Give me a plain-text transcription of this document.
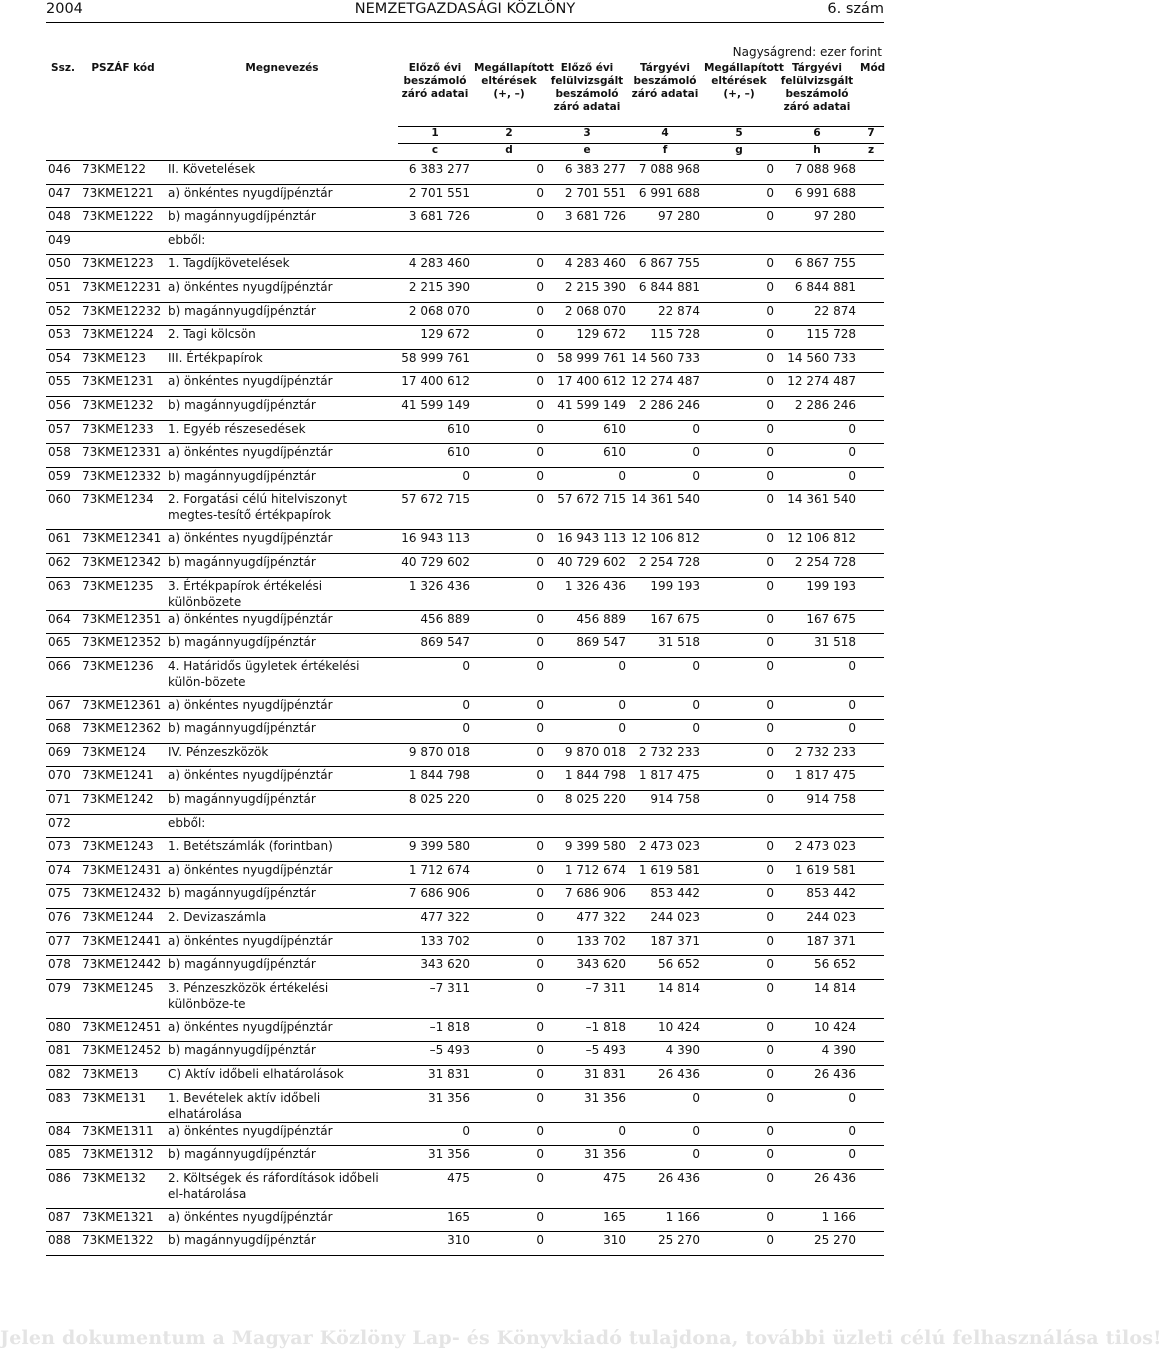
2004	NEMZETGAZDASÁGI KÖZLÖNY	6. szám
Nagyságrend: ezer forint
Ssz.	PSZÁF kód	Megnevezés	Előző évi
beszámoló
záró adatai	Megállapított
eltérések
(+, –)	Előző évi
felülvizsgált
beszámoló
záró adatai	Tárgyévi
beszámoló
záró adatai	Megállapított
eltérések
(+, –)	Tárgyévi
felülvizsgált
beszámoló
záró adatai	Mód
			1	2	3	4	5	6	7
			c	d	e	f	g	h	z
046	73KME122	II. Követelések	6 383 277	0	6 383 277	7 088 968	0	7 088 968	
047	73KME1221	a) önkéntes nyugdíjpénztár	2 701 551	0	2 701 551	6 991 688	0	6 991 688	
048	73KME1222	b) magánnyugdíjpénztár	3 681 726	0	3 681 726	97 280	0	97 280	
049		ebből:							
050	73KME1223	1. Tagdíjkövetelések	4 283 460	0	4 283 460	6 867 755	0	6 867 755	
051	73KME12231	a) önkéntes nyugdíjpénztár	2 215 390	0	2 215 390	6 844 881	0	6 844 881	
052	73KME12232	b) magánnyugdíjpénztár	2 068 070	0	2 068 070	22 874	0	22 874	
053	73KME1224	2. Tagi kölcsön	129 672	0	129 672	115 728	0	115 728	
054	73KME123	III. Értékpapírok	58 999 761	0	58 999 761	14 560 733	0	14 560 733	
055	73KME1231	a) önkéntes nyugdíjpénztár	17 400 612	0	17 400 612	12 274 487	0	12 274 487	
056	73KME1232	b) magánnyugdíjpénztár	41 599 149	0	41 599 149	2 286 246	0	2 286 246	
057	73KME1233	1. Egyéb részesedések	610	0	610	0	0	0	
058	73KME12331	a) önkéntes nyugdíjpénztár	610	0	610	0	0	0	
059	73KME12332	b) magánnyugdíjpénztár	0	0	0	0	0	0	
060	73KME1234	2. Forgatási célú hitelviszonyt megtes-tesítő értékpapírok	57 672 715	0	57 672 715	14 361 540	0	14 361 540	
061	73KME12341	a) önkéntes nyugdíjpénztár	16 943 113	0	16 943 113	12 106 812	0	12 106 812	
062	73KME12342	b) magánnyugdíjpénztár	40 729 602	0	40 729 602	2 254 728	0	2 254 728	
063	73KME1235	3. Értékpapírok értékelési különbözete	1 326 436	0	1 326 436	199 193	0	199 193	
064	73KME12351	a) önkéntes nyugdíjpénztár	456 889	0	456 889	167 675	0	167 675	
065	73KME12352	b) magánnyugdíjpénztár	869 547	0	869 547	31 518	0	31 518	
066	73KME1236	4. Határidős ügyletek értékelési külön-bözete	0	0	0	0	0	0	
067	73KME12361	a) önkéntes nyugdíjpénztár	0	0	0	0	0	0	
068	73KME12362	b) magánnyugdíjpénztár	0	0	0	0	0	0	
069	73KME124	IV. Pénzeszközök	9 870 018	0	9 870 018	2 732 233	0	2 732 233	
070	73KME1241	a) önkéntes nyugdíjpénztár	1 844 798	0	1 844 798	1 817 475	0	1 817 475	
071	73KME1242	b) magánnyugdíjpénztár	8 025 220	0	8 025 220	914 758	0	914 758	
072		ebből:							
073	73KME1243	1. Betétszámlák (forintban)	9 399 580	0	9 399 580	2 473 023	0	2 473 023	
074	73KME12431	a) önkéntes nyugdíjpénztár	1 712 674	0	1 712 674	1 619 581	0	1 619 581	
075	73KME12432	b) magánnyugdíjpénztár	7 686 906	0	7 686 906	853 442	0	853 442	
076	73KME1244	2. Devizaszámla	477 322	0	477 322	244 023	0	244 023	
077	73KME12441	a) önkéntes nyugdíjpénztár	133 702	0	133 702	187 371	0	187 371	
078	73KME12442	b) magánnyugdíjpénztár	343 620	0	343 620	56 652	0	56 652	
079	73KME1245	3. Pénzeszközök értékelési különböze-te	–7 311	0	–7 311	14 814	0	14 814	
080	73KME12451	a) önkéntes nyugdíjpénztár	–1 818	0	–1 818	10 424	0	10 424	
081	73KME12452	b) magánnyugdíjpénztár	–5 493	0	–5 493	4 390	0	4 390	
082	73KME13	C) Aktív időbeli elhatárolások	31 831	0	31 831	26 436	0	26 436	
083	73KME131	1. Bevételek aktív időbeli elhatárolása	31 356	0	31 356	0	0	0	
084	73KME1311	a) önkéntes nyugdíjpénztár	0	0	0	0	0	0	
085	73KME1312	b) magánnyugdíjpénztár	31 356	0	31 356	0	0	0	
086	73KME132	2. Költségek és ráfordítások időbeli el-határolása	475	0	475	26 436	0	26 436	
087	73KME1321	a) önkéntes nyugdíjpénztár	165	0	165	1 166	0	1 166	
088	73KME1322	b) magánnyugdíjpénztár	310	0	310	25 270	0	25 270	
Jelen dokumentum a Magyar Közlöny Lap- és Könyvkiadó tulajdona, további üzleti célú felhasználása tilos!
